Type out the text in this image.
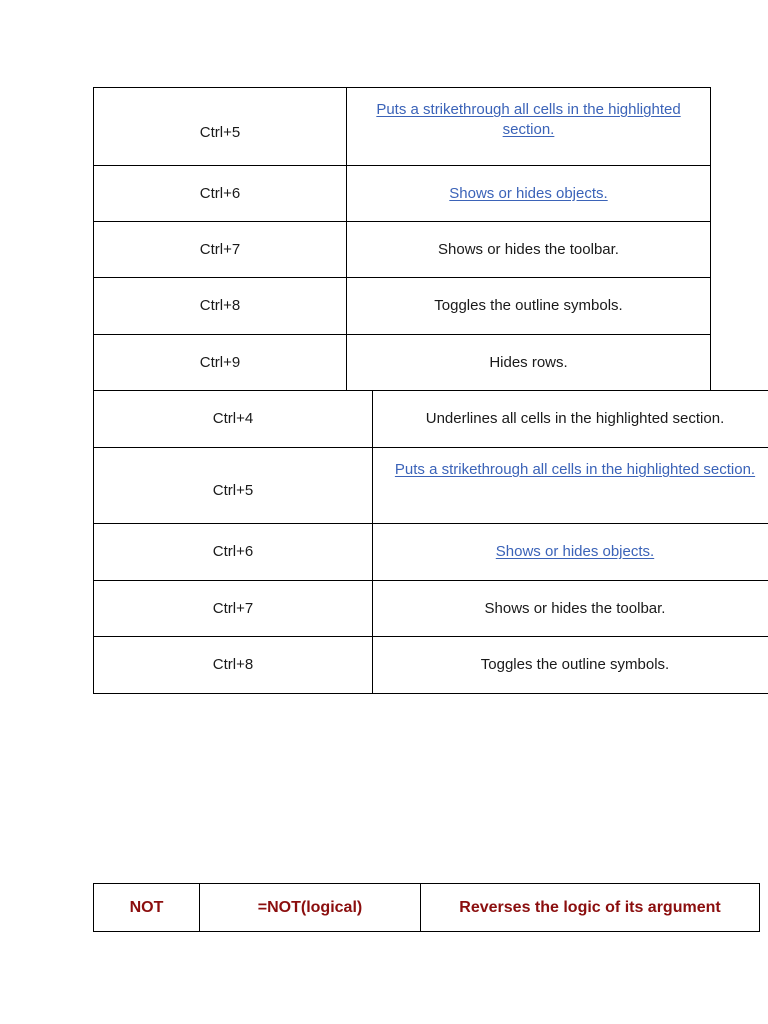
Ctrl+5	Puts a strikethrough all cells in the highlighted section.
Ctrl+6	Shows or hides objects.
Ctrl+7	Shows or hides the toolbar.
Ctrl+8	Toggles the outline symbols.
Ctrl+9	Hides rows.
Ctrl+4	Underlines all cells in the highlighted section.
Ctrl+5	Puts a strikethrough all cells in the highlighted section.
Ctrl+6	Shows or hides objects.
Ctrl+7	Shows or hides the toolbar.
Ctrl+8	Toggles the outline symbols.
NOT	=NOT(logical)	Reverses the logic of its argument
